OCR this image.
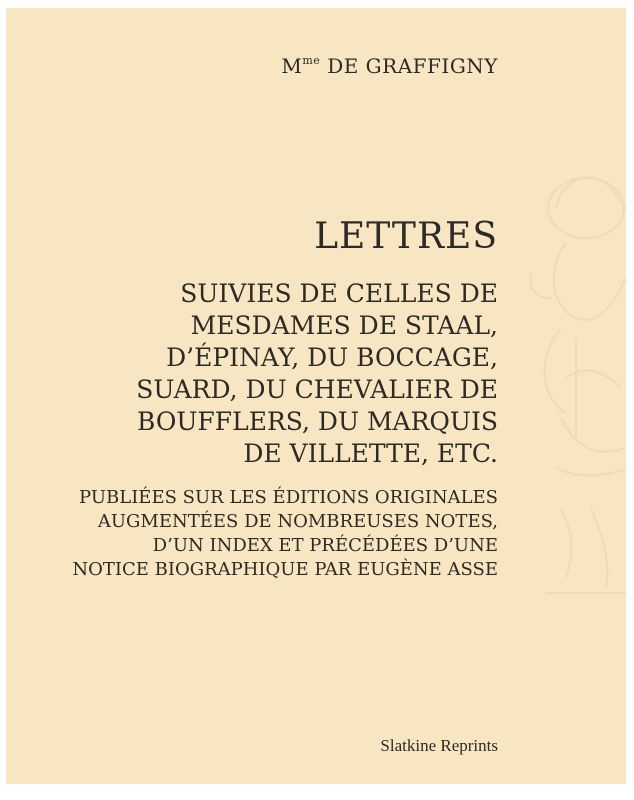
$M^{me}$ DE GRAFFIGNY
LETTRES
SUIVIES DE CELLES DE
MESDAMES DE STAAL,
D’ÉPINAY, DU BOCCAGE,
SUARD, DU CHEVALIER DE
BOUFFLERS, DU MARQUIS
DE VILLETTE, ETC.
PUBLIÉES SUR LES ÉDITIONS ORIGINALES
AUGMENTÉES DE NOMBREUSES NOTES,
D’UN INDEX ET PRÉCÉDÉES D’UNE
NOTICE BIOGRAPHIQUE PAR EUGÈNE ASSE
Slatkine Reprints
